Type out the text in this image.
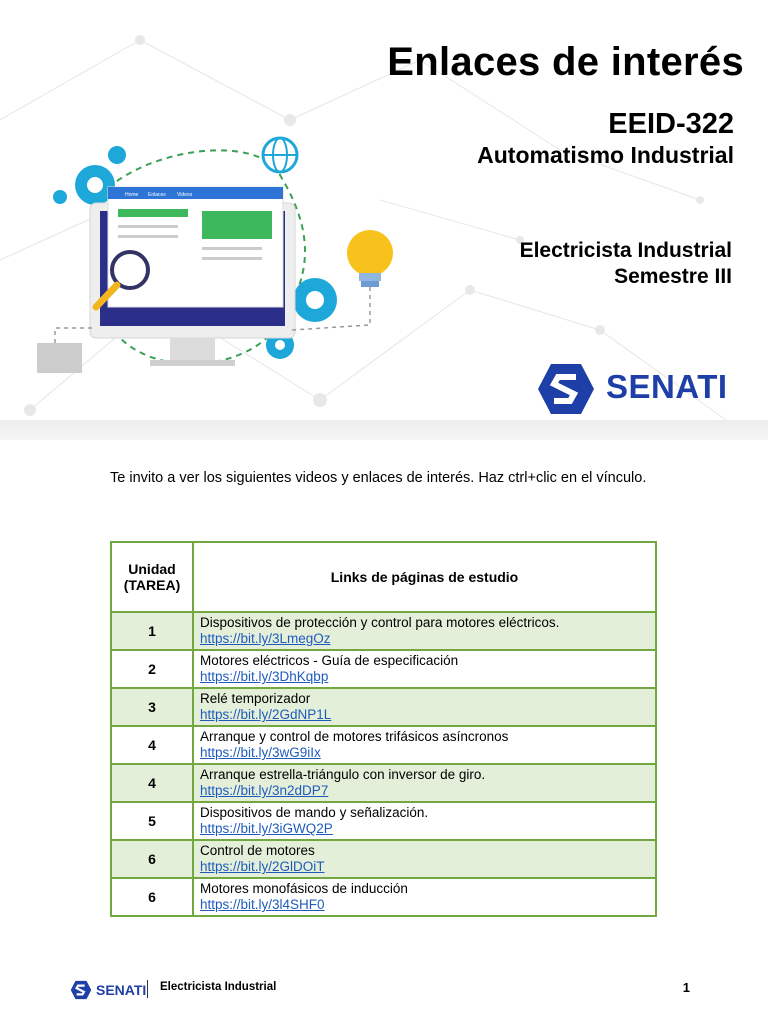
Home Enlaces Videos
Enlaces de interés
EEID-322
Automatismo Industrial
Electricista Industrial
Semestre III
SENATI
Te invito a ver los siguientes videos y enlaces de interés. Haz ctrl+clic en el vínculo.
Unidad (TAREA)	Links de páginas de estudio
1	Dispositivos de protección y control para motores eléctricos.
https://bit.ly/3LmegOz
2	Motores eléctricos - Guía de especificación
https://bit.ly/3DhKqbp
3	Relé temporizador
https://bit.ly/2GdNP1L
4	Arranque y control de motores trifásicos asíncronos
https://bit.ly/3wG9iIx
4	Arranque estrella-triángulo con inversor de giro.
https://bit.ly/3n2dDP7
5	Dispositivos de mando y señalización.
https://bit.ly/3iGWQ2P
6	Control de motores
https://bit.ly/2GlDOiT
6	Motores monofásicos de inducción
https://bit.ly/3l4SHF0
SENATI Electricista Industrial	1
